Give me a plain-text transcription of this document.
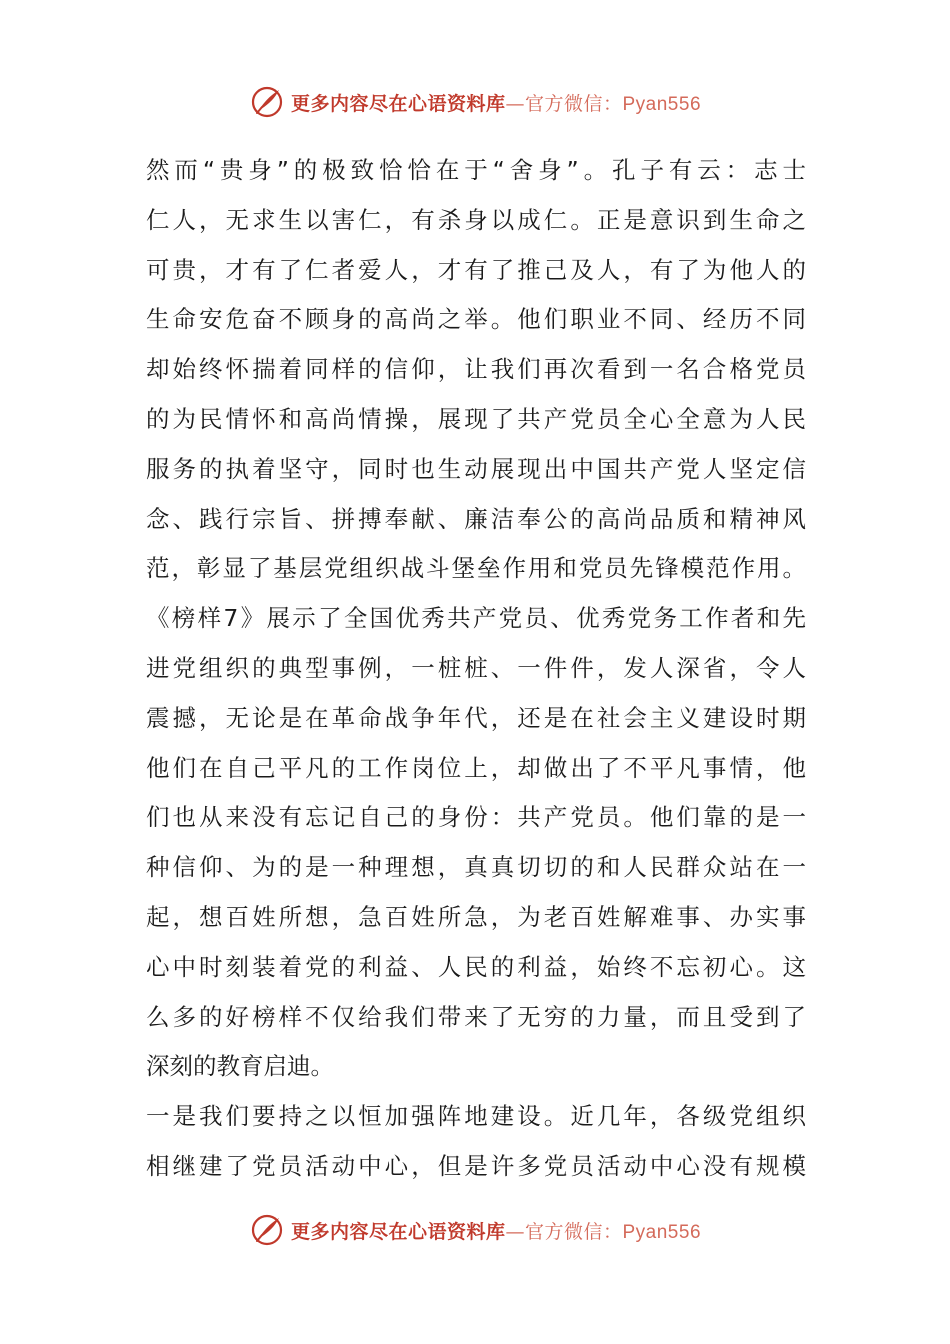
更多内容尽在心语资料库—官方微信：Pyan556
然而“贵身”的极致恰恰在于“舍身”。孔子有云：志士
仁人，无求生以害仁，有杀身以成仁。正是意识到生命之
可贵，才有了仁者爱人，才有了推己及人，有了为他人的
生命安危奋不顾身的高尚之举。他们职业不同、经历不同
却始终怀揣着同样的信仰，让我们再次看到一名合格党员
的为民情怀和高尚情操，展现了共产党员全心全意为人民
服务的执着坚守，同时也生动展现出中国共产党人坚定信
念、践行宗旨、拼搏奉献、廉洁奉公的高尚品质和精神风
范，彰显了基层党组织战斗堡垒作用和党员先锋模范作用。
《榜样7》展示了全国优秀共产党员、优秀党务工作者和先
进党组织的典型事例，一桩桩、一件件，发人深省，令人
震撼，无论是在革命战争年代，还是在社会主义建设时期
他们在自己平凡的工作岗位上，却做出了不平凡事情，他
们也从来没有忘记自己的身份：共产党员。他们靠的是一
种信仰、为的是一种理想，真真切切的和人民群众站在一
起，想百姓所想，急百姓所急，为老百姓解难事、办实事
心中时刻装着党的利益、人民的利益，始终不忘初心。这
么多的好榜样不仅给我们带来了无穷的力量，而且受到了
深刻的教育启迪。
一是我们要持之以恒加强阵地建设。近几年，各级党组织
相继建了党员活动中心，但是许多党员活动中心没有规模
更多内容尽在心语资料库—官方微信：Pyan556
